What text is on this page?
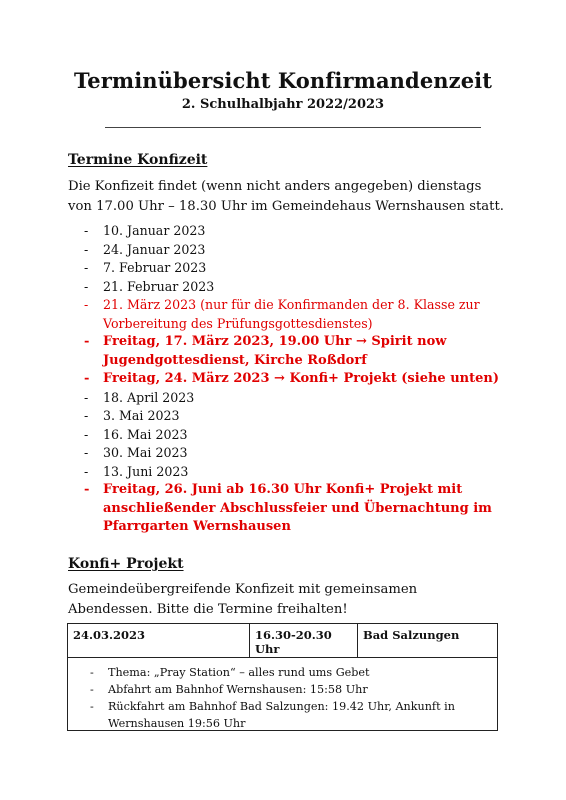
Terminübersicht Konfirmandenzeit
2. Schulhalbjahr 2022/2023
Termine Konfizeit
Die Konfizeit findet (wenn nicht anders angegeben) dienstags von 17.00 Uhr – 18.30 Uhr im Gemeindehaus Wernshausen statt.
- 10. Januar 2023
- 24. Januar 2023
- 7. Februar 2023
- 21. Februar 2023
- 21. März 2023 (nur für die Konfirmanden der 8. Klasse zur Vorbereitung des Prüfungsgottesdienstes)
- Freitag, 17. März 2023, 19.00 Uhr → Spirit now Jugendgottesdienst, Kirche Roßdorf
- Freitag, 24. März 2023 → Konfi+ Projekt (siehe unten)
- 18. April 2023
- 3. Mai 2023
- 16. Mai 2023
- 30. Mai 2023
- 13. Juni 2023
- Freitag, 26. Juni ab 16.30 Uhr Konfi+ Projekt mit anschließender Abschlussfeier und Übernachtung im Pfarrgarten Wernshausen
Konfi+ Projekt
Gemeindeübergreifende Konfizeit mit gemeinsamen Abendessen. Bitte die Termine freihalten!
24.03.2023	16.30-20.30 Uhr
Bad Salzungen
- Thema: „Pray Station“ – alles rund ums Gebet
- Abfahrt am Bahnhof Wernshausen: 15:58 Uhr
- Rückfahrt am Bahnhof Bad Salzungen: 19.42 Uhr, Ankunft in Wernshausen 19:56 Uhr
